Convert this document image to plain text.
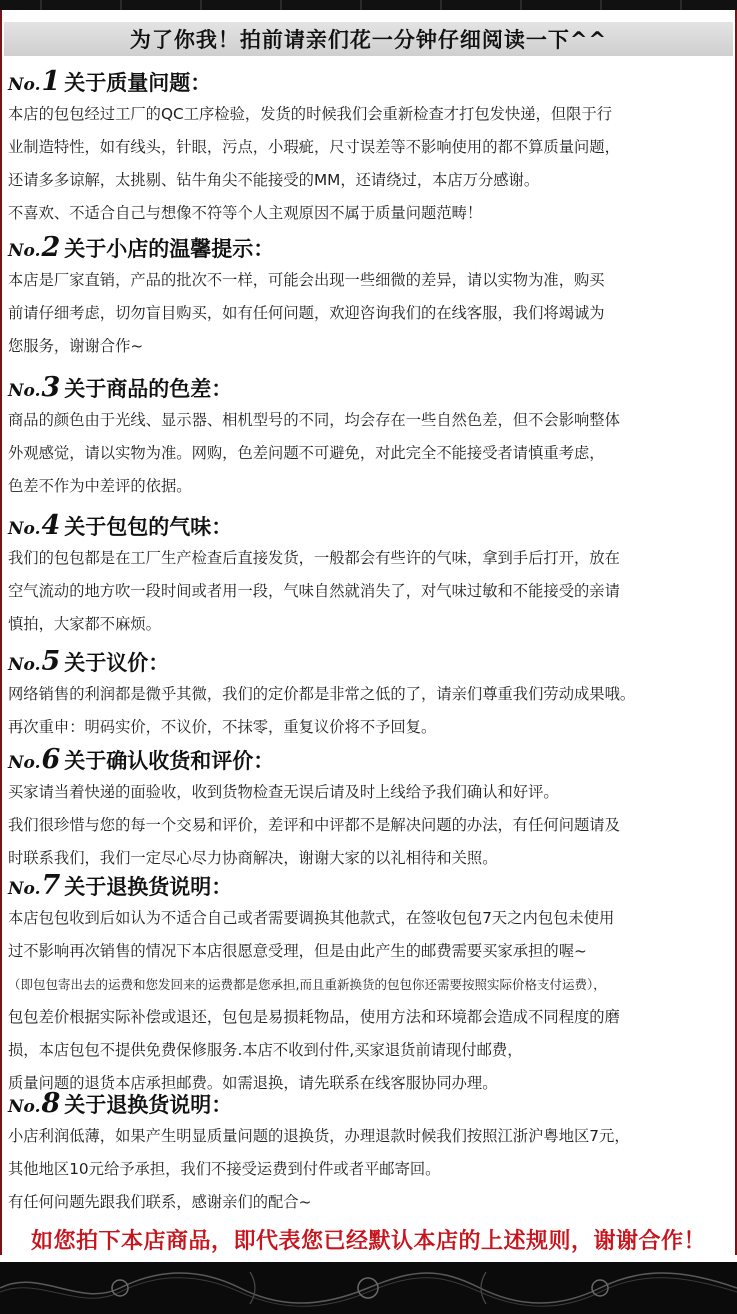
为了你我！拍前请亲们花一分钟仔细阅读一下^^
No. 1 关于质量问题：
本店的包包经过工厂的QC工序检验，发货的时候我们会重新检查才打包发快递，但限于行
业制造特性，如有线头，针眼，污点，小瑕疵，尺寸误差等不影响使用的都不算质量问题，
还请多多谅解，太挑剔、钻牛角尖不能接受的MM，还请绕过，本店万分感谢。
不喜欢、不适合自己与想像不符等个人主观原因不属于质量问题范畴！
No. 2 关于小店的温馨提示：
本店是厂家直销，产品的批次不一样，可能会出现一些细微的差异，请以实物为准，购买
前请仔细考虑，切勿盲目购买，如有任何问题，欢迎咨询我们的在线客服，我们将竭诚为
您服务，谢谢合作~
No. 3 关于商品的色差：
商品的颜色由于光线、显示器、相机型号的不同，均会存在一些自然色差，但不会影响整体
外观感觉，请以实物为准。网购，色差问题不可避免，对此完全不能接受者请慎重考虑，
色差不作为中差评的依据。
No. 4 关于包包的气味：
我们的包包都是在工厂生产检查后直接发货，一般都会有些许的气味，拿到手后打开，放在
空气流动的地方吹一段时间或者用一段，气味自然就消失了，对气味过敏和不能接受的亲请
慎拍，大家都不麻烦。
No. 5 关于议价：
网络销售的利润都是微乎其微，我们的定价都是非常之低的了，请亲们尊重我们劳动成果哦。
再次重申：明码实价，不议价，不抹零，重复议价将不予回复。
No. 6 关于确认收货和评价：
买家请当着快递的面验收，收到货物检查无误后请及时上线给予我们确认和好评。
我们很珍惜与您的每一个交易和评价，差评和中评都不是解决问题的办法，有任何问题请及
时联系我们，我们一定尽心尽力协商解决，谢谢大家的以礼相待和关照。
No. 7 关于退换货说明：
本店包包收到后如认为不适合自己或者需要调换其他款式，在签收包包7天之内包包未使用
过不影响再次销售的情况下本店很愿意受理，但是由此产生的邮费需要买家承担的喔~
（即包包寄出去的运费和您发回来的运费都是您承担,而且重新换货的包包你还需要按照实际价格支付运费），
包包差价根据实际补偿或退还，包包是易损耗物品，使用方法和环境都会造成不同程度的磨
损，本店包包不提供免费保修服务.本店不收到付件,买家退货前请现付邮费，
质量问题的退货本店承担邮费。如需退换，请先联系在线客服协同办理。
No. 8 关于退换货说明：
小店利润低薄，如果产生明显质量问题的退换货，办理退款时候我们按照江浙沪粤地区7元，
其他地区10元给予承担，我们不接受运费到付件或者平邮寄回。
有任何问题先跟我们联系，感谢亲们的配合~
如您拍下本店商品，即代表您已经默认本店的上述规则，谢谢合作！
